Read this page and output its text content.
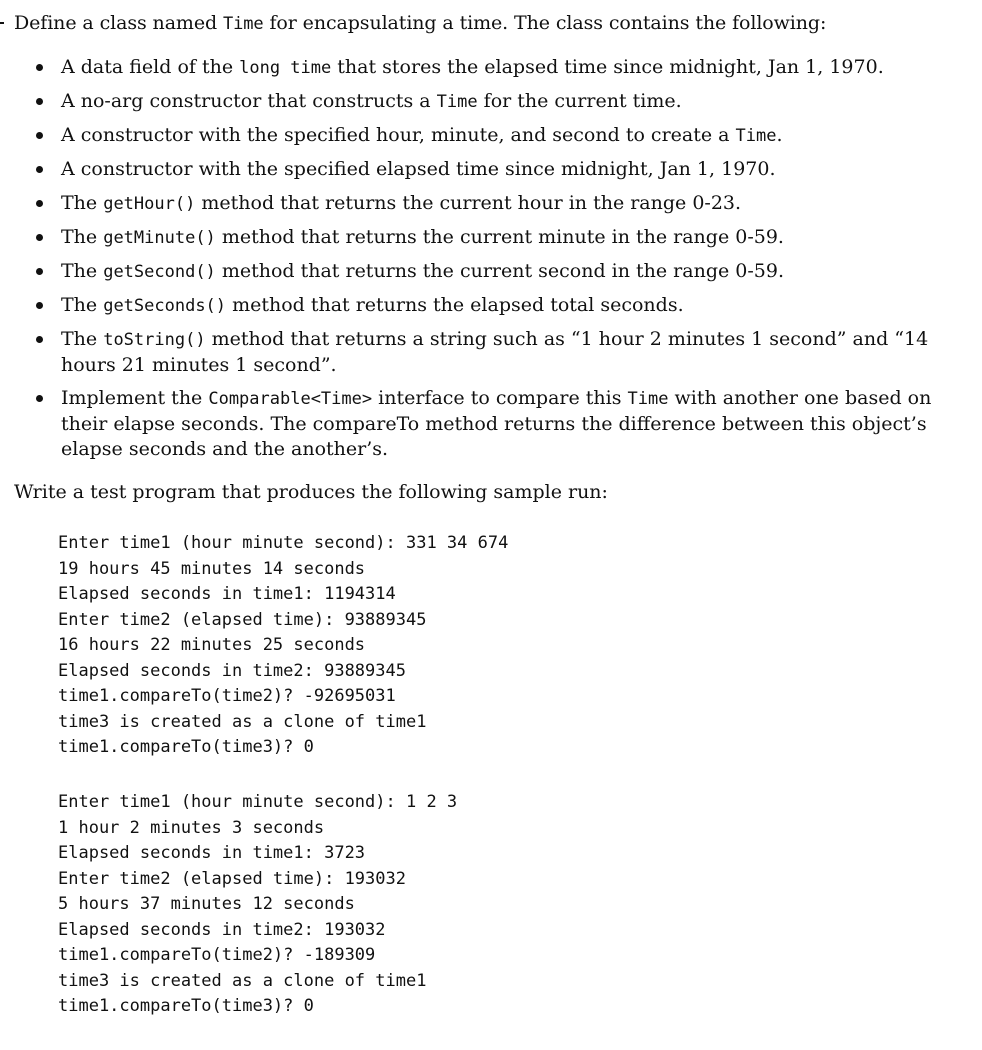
Define a class named Time for encapsulating a time. The class contains the following:
A data field of the long time that stores the elapsed time since midnight, Jan 1, 1970.
A no-arg constructor that constructs a Time for the current time.
A constructor with the specified hour, minute, and second to create a Time.
A constructor with the specified elapsed time since midnight, Jan 1, 1970.
The getHour() method that returns the current hour in the range 0-23.
The getMinute() method that returns the current minute in the range 0-59.
The getSecond() method that returns the current second in the range 0-59.
The getSeconds() method that returns the elapsed total seconds.
The toString() method that returns a string such as “1 hour 2 minutes 1 second” and “14 hours 21 minutes 1 second”.
Implement the Comparable<Time> interface to compare this Time with another one based on their elapse seconds. The compareTo method returns the difference between this object’s elapse seconds and the another’s.
Write a test program that produces the following sample run:
Enter time1 (hour minute second): 331 34 674
19 hours 45 minutes 14 seconds
Elapsed seconds in time1: 1194314
Enter time2 (elapsed time): 93889345
16 hours 22 minutes 25 seconds
Elapsed seconds in time2: 93889345
time1.compareTo(time2)? -92695031
time3 is created as a clone of time1
time1.compareTo(time3)? 0
Enter time1 (hour minute second): 1 2 3
1 hour 2 minutes 3 seconds
Elapsed seconds in time1: 3723
Enter time2 (elapsed time): 193032
5 hours 37 minutes 12 seconds
Elapsed seconds in time2: 193032
time1.compareTo(time2)? -189309
time3 is created as a clone of time1
time1.compareTo(time3)? 0
